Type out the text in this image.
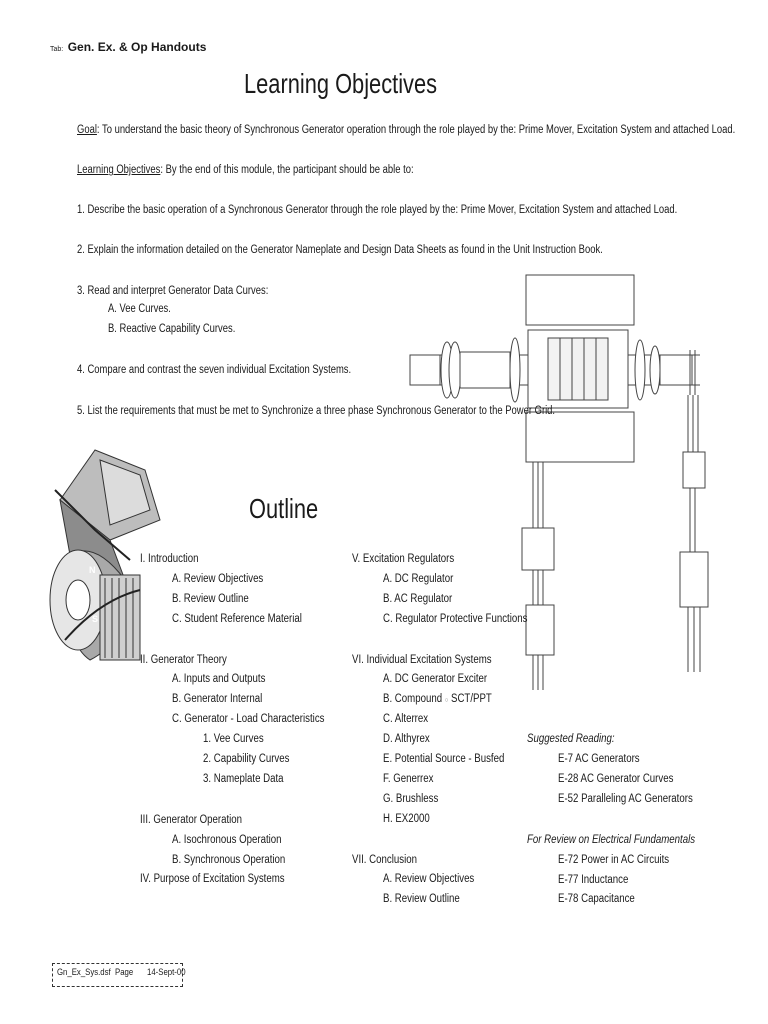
Tab: Gen. Ex. & Op Handouts
Learning Objectives
Goal: To understand the basic theory of Synchronous Generator operation through the role played by the: Prime Mover, Excitation System and attached Load.
Learning Objectives: By the end of this module, the participant should be able to:
1. Describe the basic operation of a Synchronous Generator through the role played by the: Prime Mover, Excitation System and attached Load.
2. Explain the information detailed on the Generator Nameplate and Design Data Sheets as found in the Unit Instruction Book.
3. Read and interpret Generator Data Curves:
A. Vee Curves.
B. Reactive Capability Curves.
4. Compare and contrast the seven individual Excitation Systems.
5. List the requirements that must be met to Synchronize a three phase Synchronous Generator to the Power Grid.
Outline
I. Introduction
A. Review Objectives
B. Review Outline
C. Student Reference Material
II. Generator Theory
A. Inputs and Outputs
B. Generator Internal
C. Generator - Load Characteristics
1. Vee Curves
2. Capability Curves
3. Nameplate Data
III. Generator Operation
A. Isochronous Operation
B. Synchronous Operation
IV. Purpose of Excitation Systems
V. Excitation Regulators
A. DC Regulator
B. AC Regulator
C. Regulator Protective Functions
VI. Individual Excitation Systems
A. DC Generator Exciter
B. Compound ○ SCT/PPT
C. Alterrex
D. Althyrex
E. Potential Source - Busfed
F. Generrex
G. Brushless
H. EX2000
VII. Conclusion
A. Review Objectives
B. Review Outline
Suggested Reading:
E-7 AC Generators
E-28 AC Generator Curves
E-52 Paralleling AC Generators
For Review on Electrical Fundamentals
E-72 Power in AC Circuits
E-77 Inductance
E-78 Capacitance
N
S
Gn_Ex_Sys.dsf Page 14-Sept-00
